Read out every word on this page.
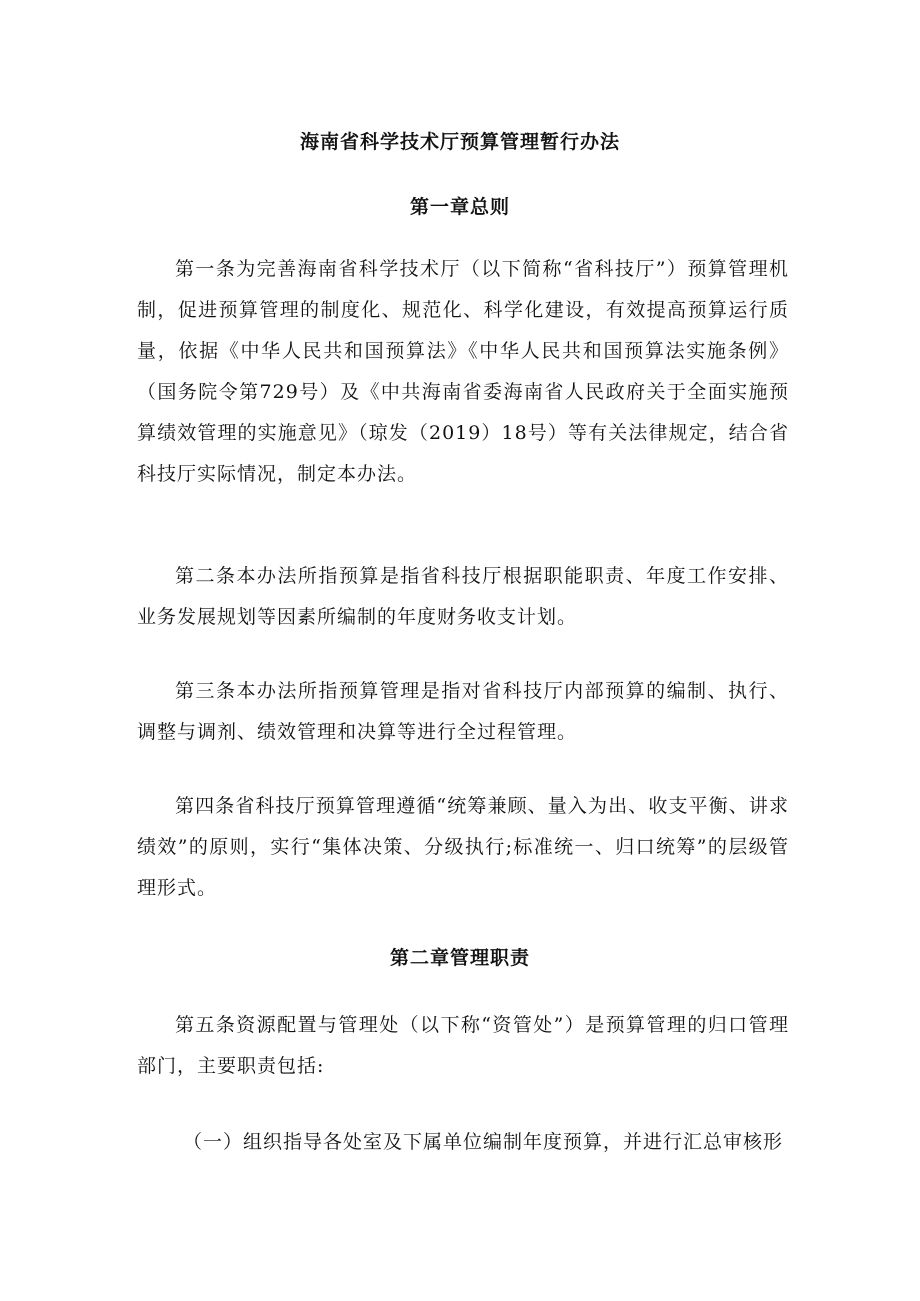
海南省科学技术厅预算管理暂行办法
第一章总则
第一条为完善海南省科学技术厅（以下简称“省科技厅”）预算管理机制，促进预算管理的制度化、规范化、科学化建设，有效提高预算运行质量，依据《中华人民共和国预算法》《中华人民共和国预算法实施条例》（国务院令第729号）及《中共海南省委海南省人民政府关于全面实施预算绩效管理的实施意见》（琼发（2019）18号）等有关法律规定，结合省科技厅实际情况，制定本办法。
第二条本办法所指预算是指省科技厅根据职能职责、年度工作安排、业务发展规划等因素所编制的年度财务收支计划。
第三条本办法所指预算管理是指对省科技厅内部预算的编制、执行、调整与调剂、绩效管理和决算等进行全过程管理。
第四条省科技厅预算管理遵循“统筹兼顾、量入为出、收支平衡、讲求绩效”的原则，实行“集体决策、分级执行;标准统一、归口统筹”的层级管理形式。
第二章管理职责
第五条资源配置与管理处（以下称“资管处”）是预算管理的归口管理部门，主要职责包括:
（一）组织指导各处室及下属单位编制年度预算，并进行汇总审核形
